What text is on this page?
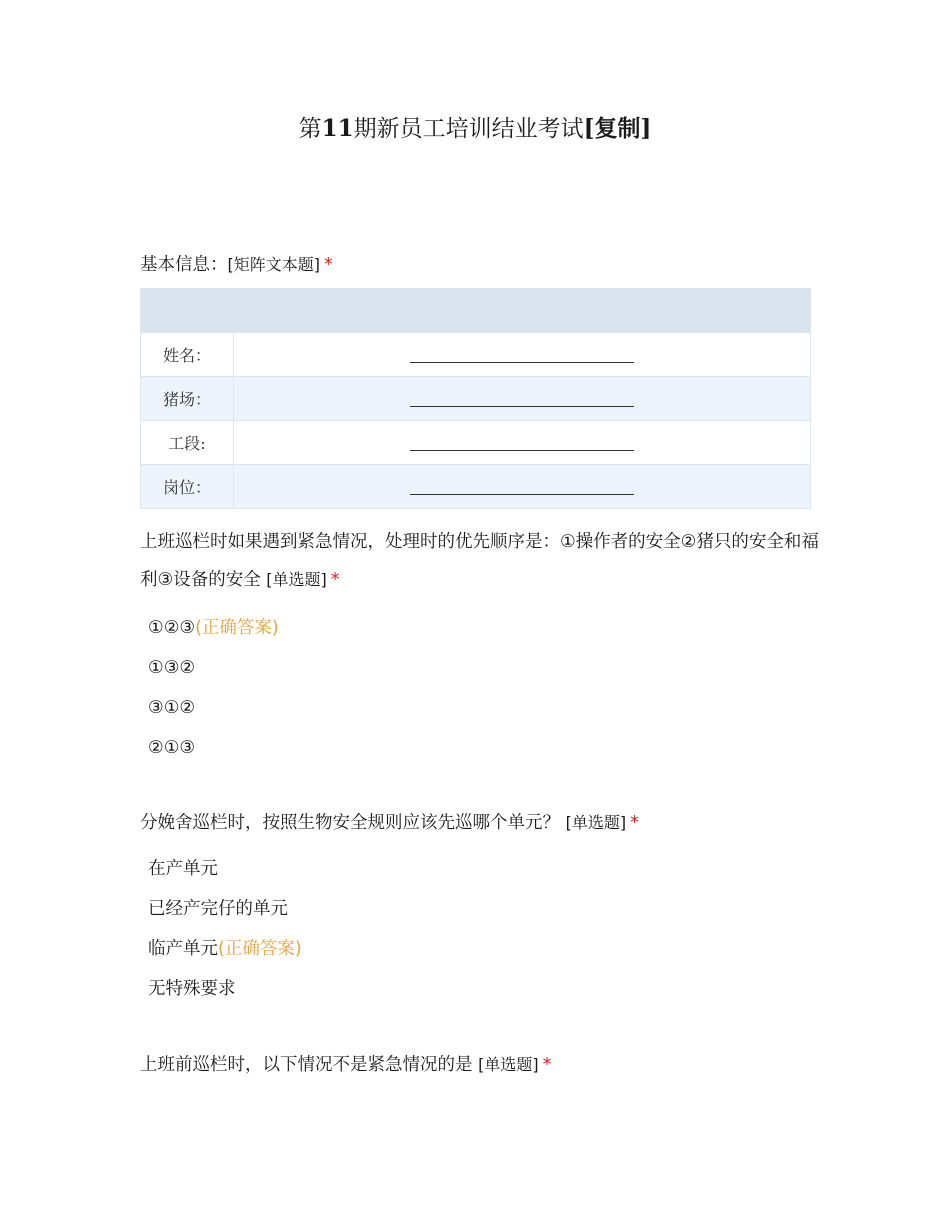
第11期新员工培训结业考试[复制]
基本信息：[矩阵文本题] *

姓名：	
猪场：	
工段:	
岗位：	
上班巡栏时如果遇到紧急情况，处理时的优先顺序是：①操作者的安全②猪只的安全和福利③设备的安全 [单选题] *
①②③(正确答案)
①③②
③①②
②①③
分娩舍巡栏时，按照生物安全规则应该先巡哪个单元？ [单选题] *
在产单元
已经产完仔的单元
临产单元(正确答案)
无特殊要求
上班前巡栏时，以下情况不是紧急情况的是 [单选题] *
